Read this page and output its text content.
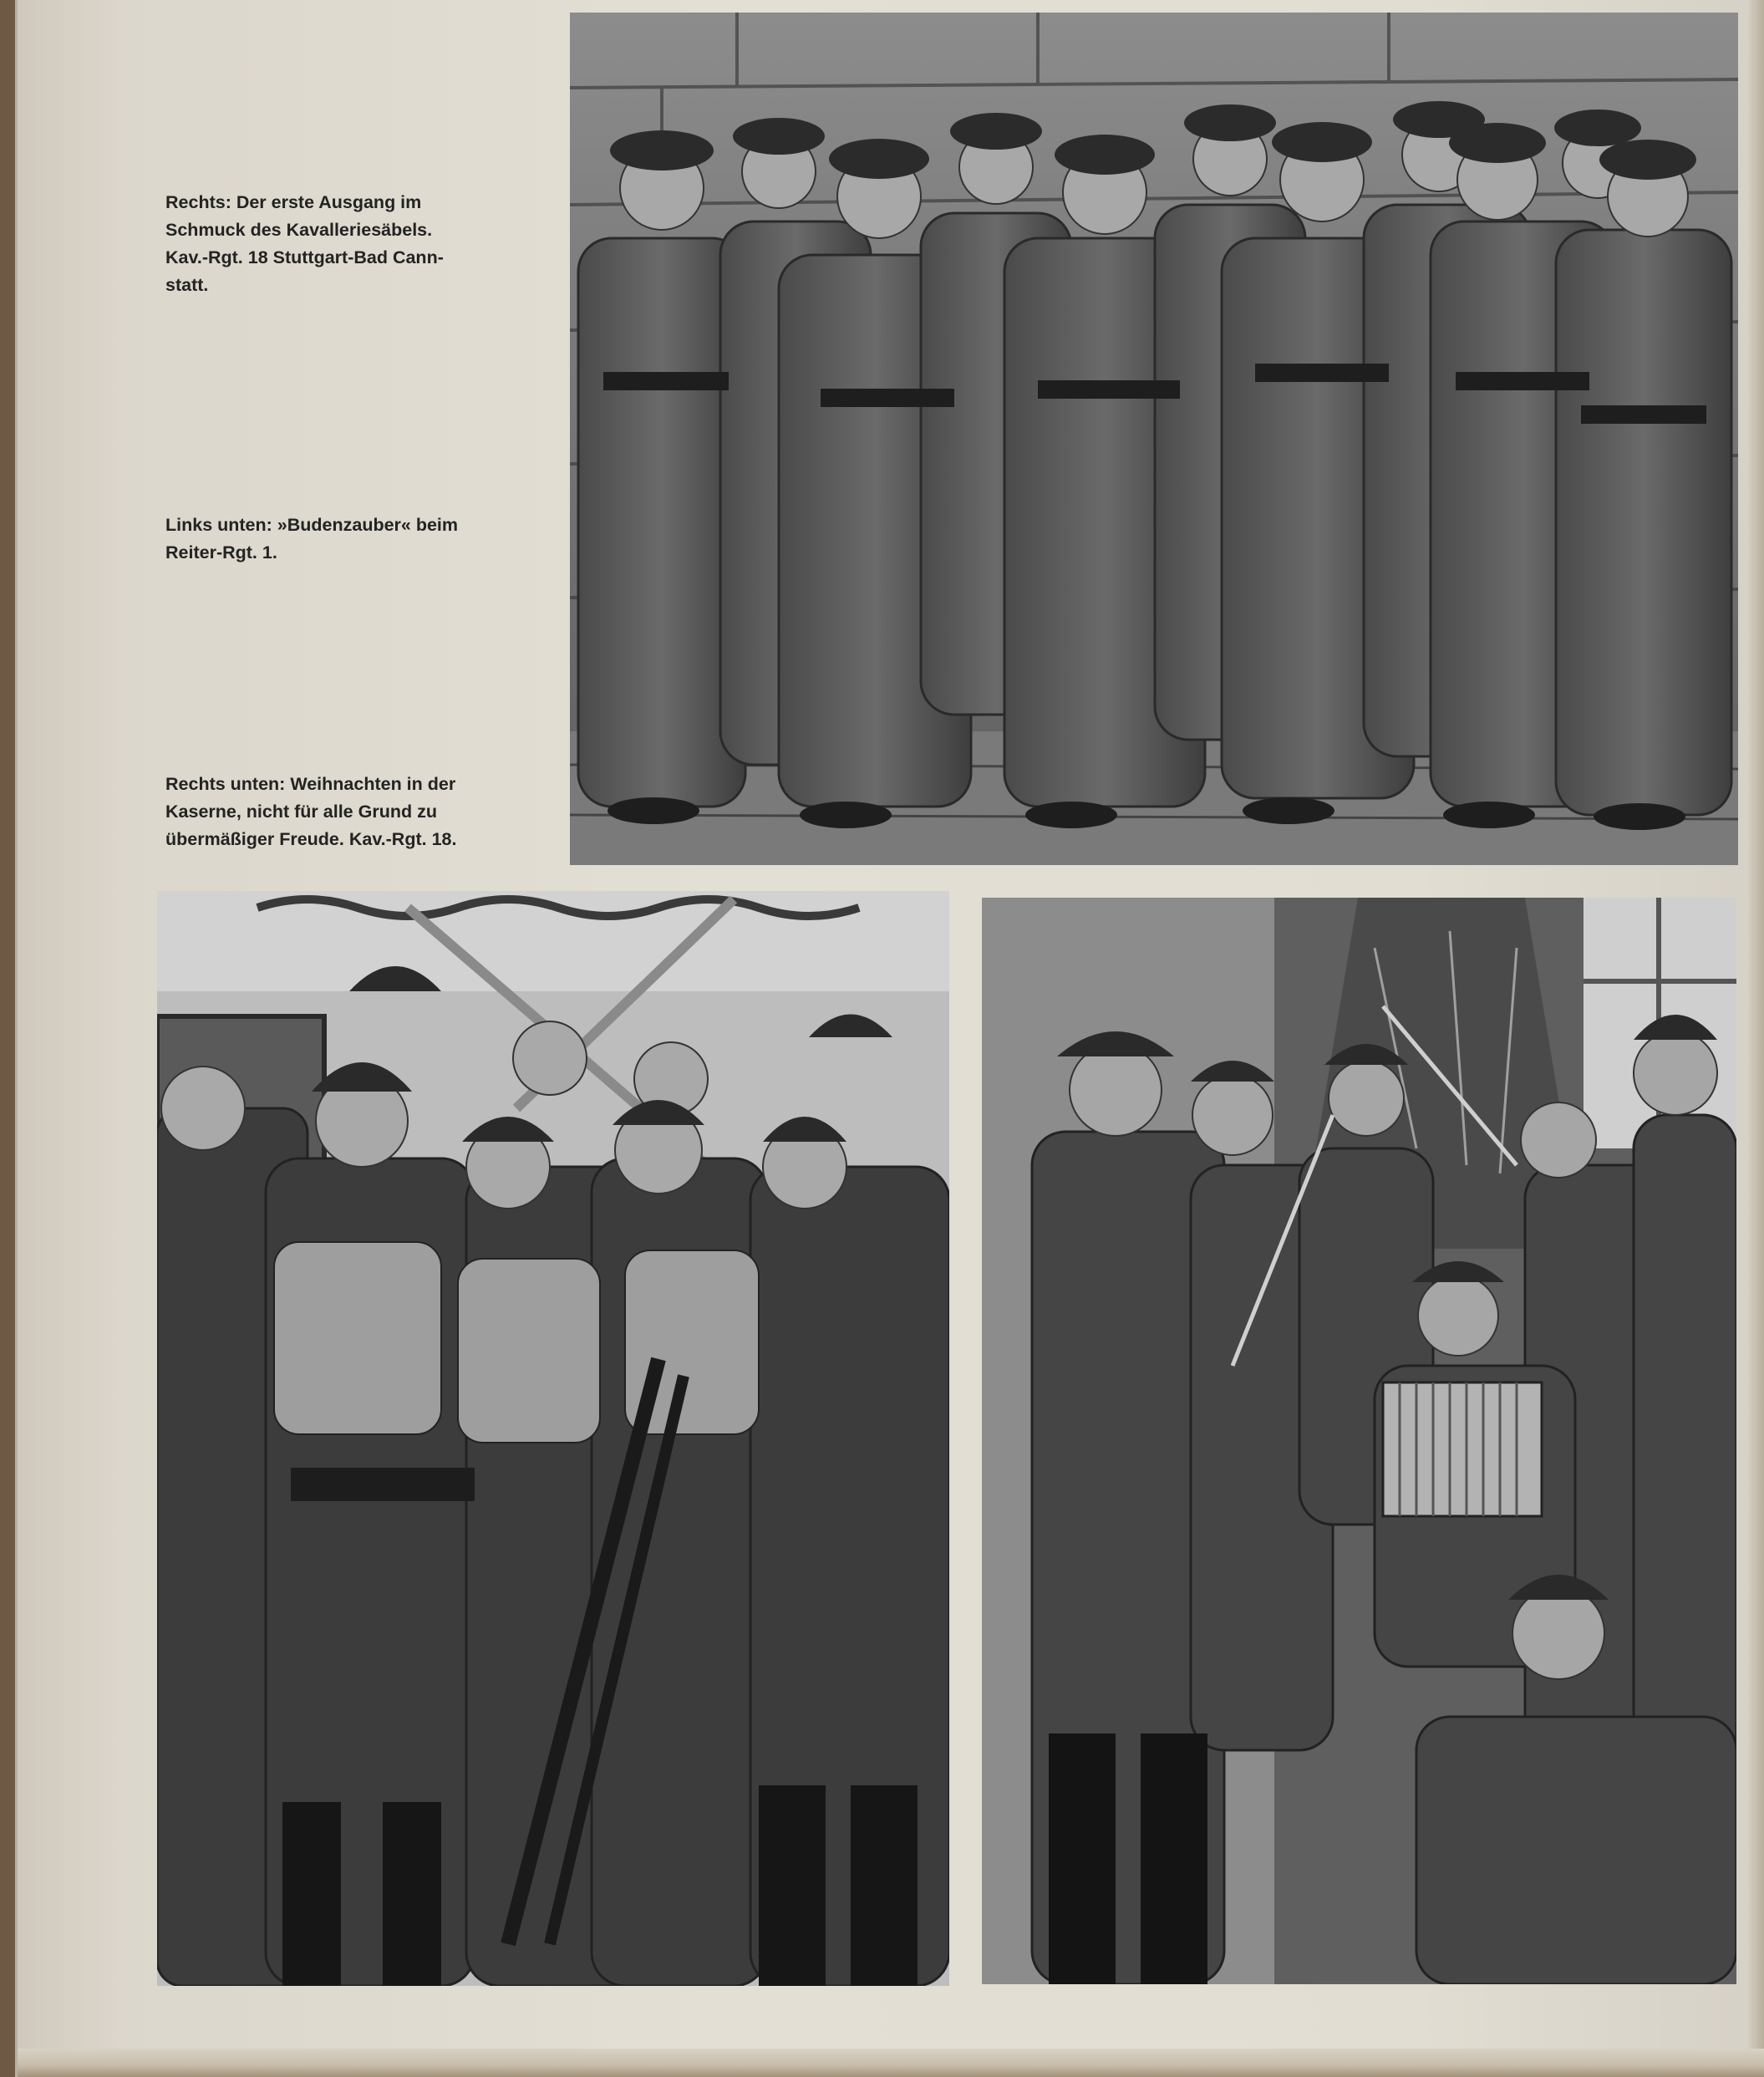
Rechts: Der erste Ausgang im
Schmuck des Kavalleriesäbels.
Kav.-Rgt. 18 Stuttgart-Bad Cann-
statt.
Links unten: »Budenzauber« beim
Reiter-Rgt. 1.
Rechts unten: Weihnachten in der
Kaserne, nicht für alle Grund zu
übermäßiger Freude. Kav.-Rgt. 18.
